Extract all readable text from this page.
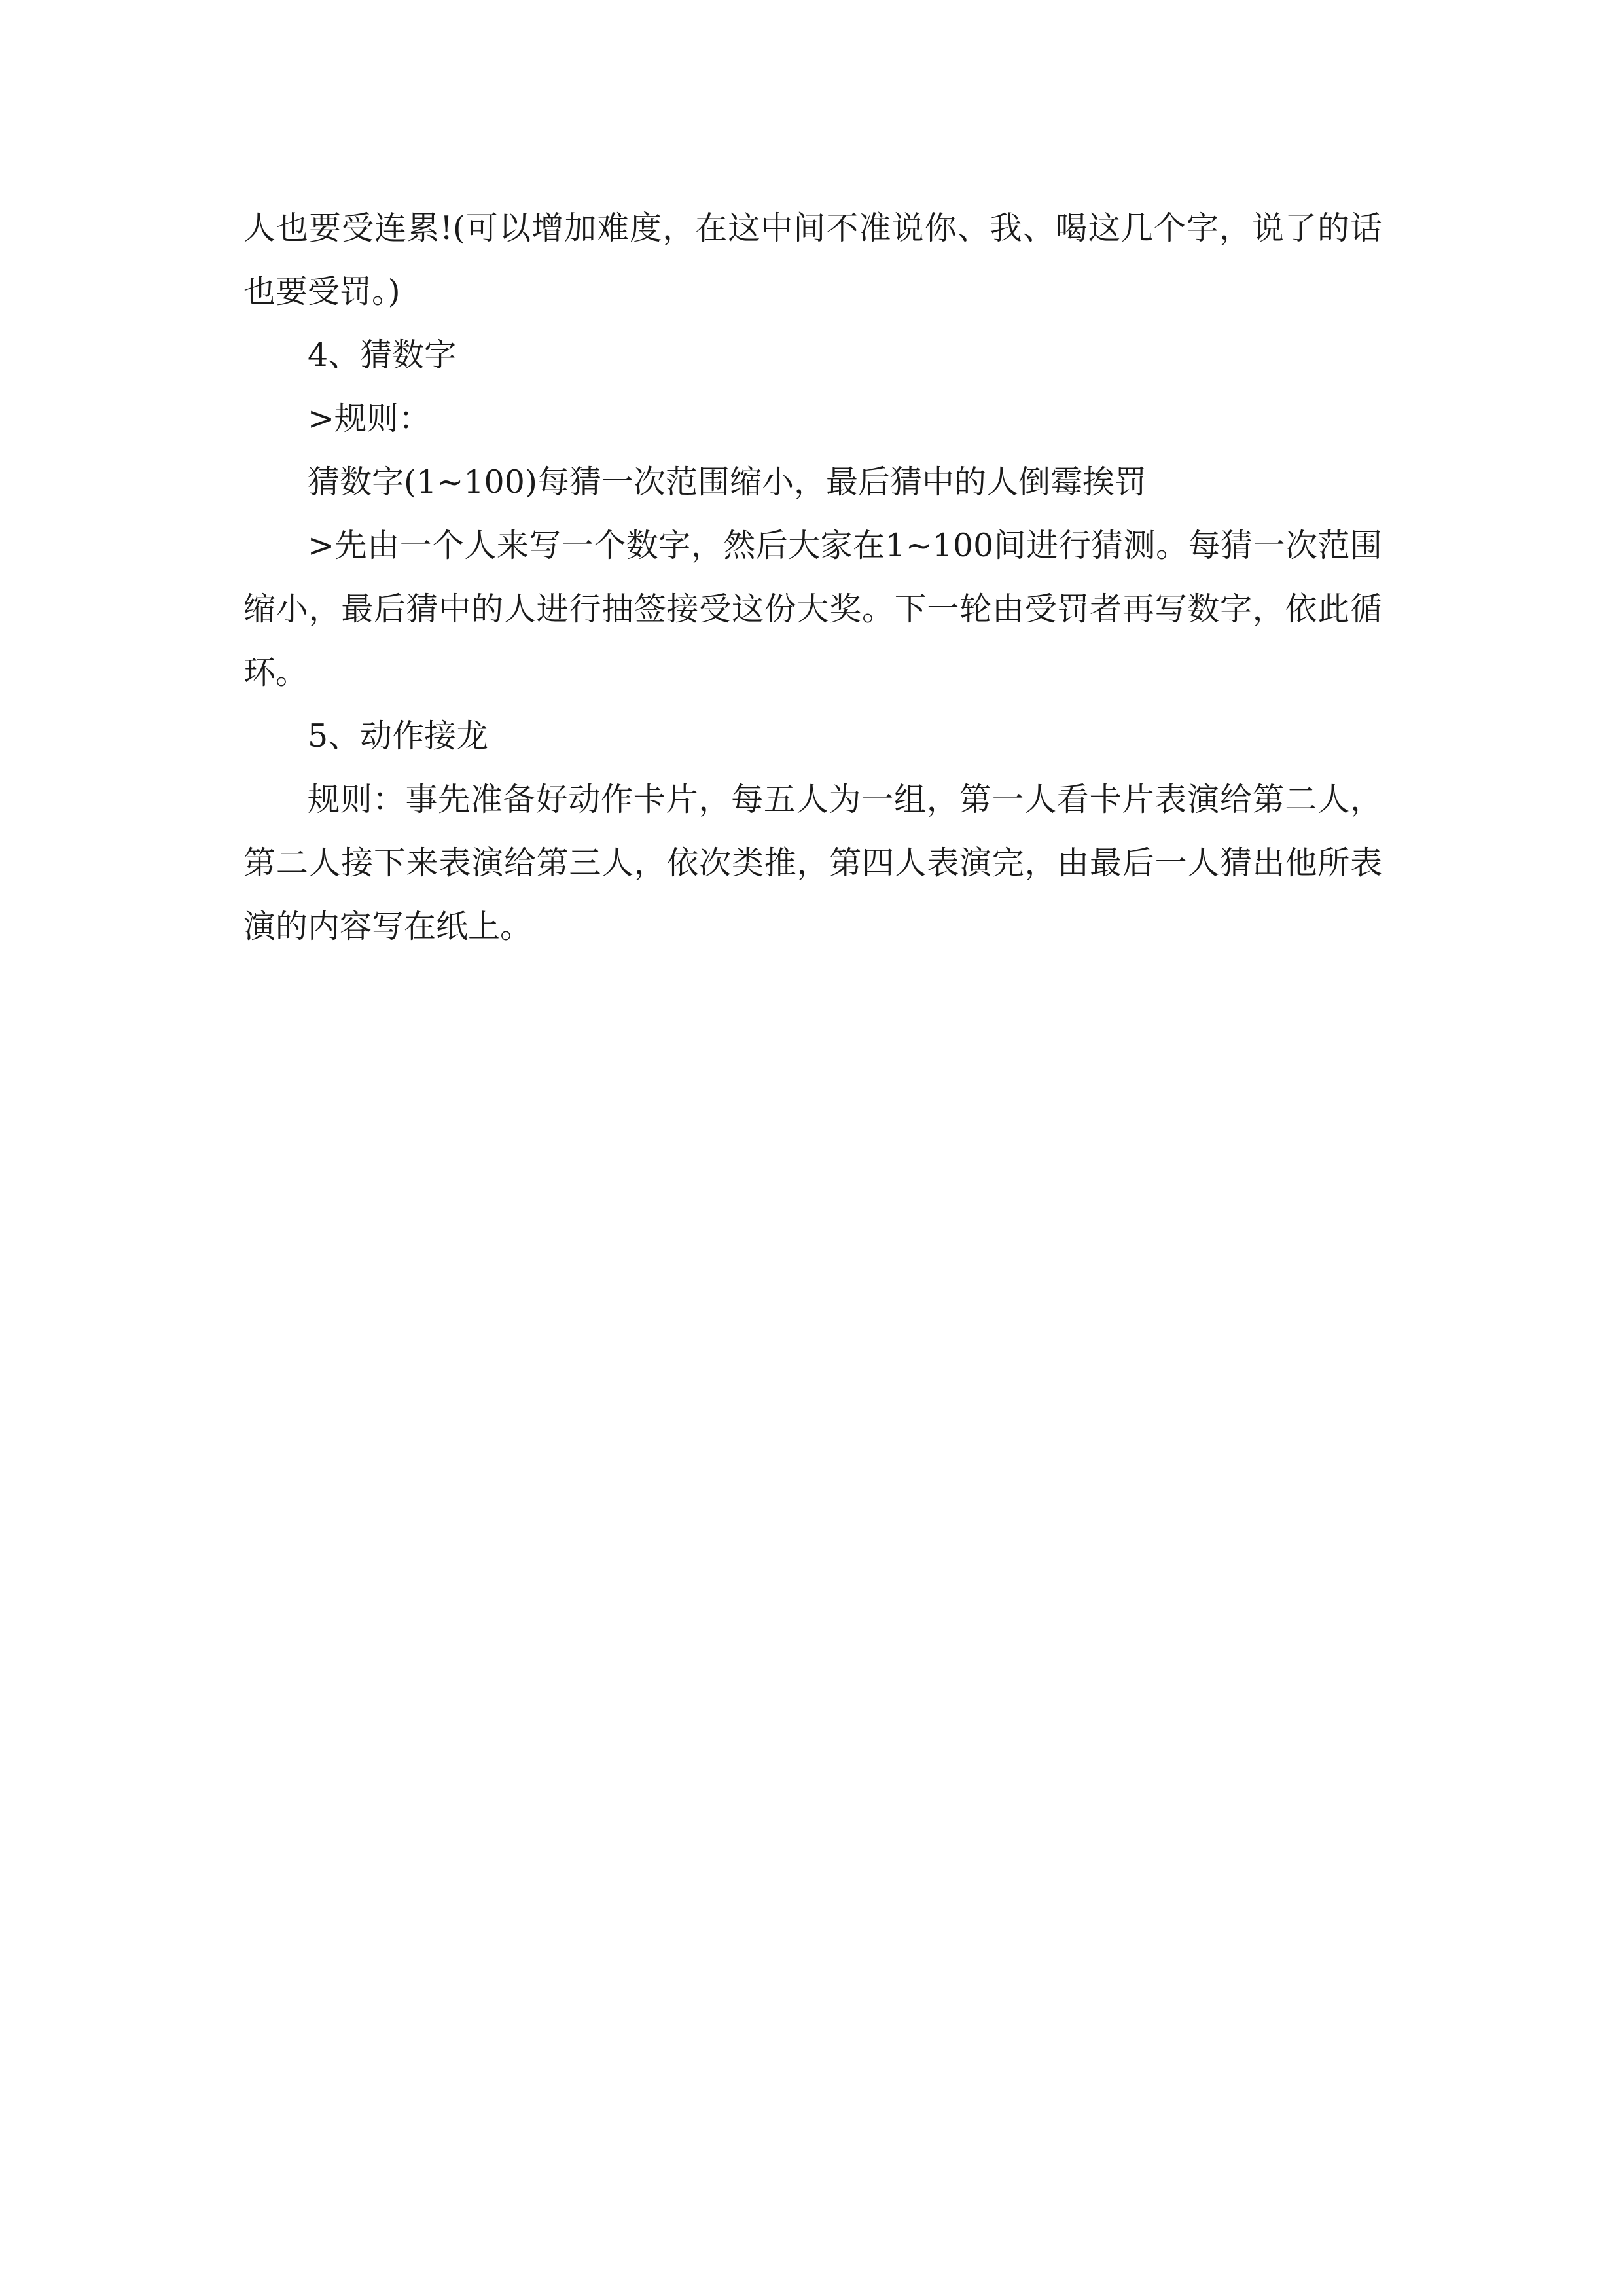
人也要受连累!(可以增加难度，在这中间不准说你、我、喝这几个字，说了的话也要受罚。)

4、猜数字

>规则：

猜数字(1~100)每猜一次范围缩小，最后猜中的人倒霉挨罚

>先由一个人来写一个数字，然后大家在1~100间进行猜测。每猜一次范围缩小，最后猜中的人进行抽签接受这份大奖。下一轮由受罚者再写数字，依此循环。

5、动作接龙

规则：事先准备好动作卡片，每五人为一组，第一人看卡片表演给第二人，第二人接下来表演给第三人，依次类推，第四人表演完，由最后一人猜出他所表演的内容写在纸上。
